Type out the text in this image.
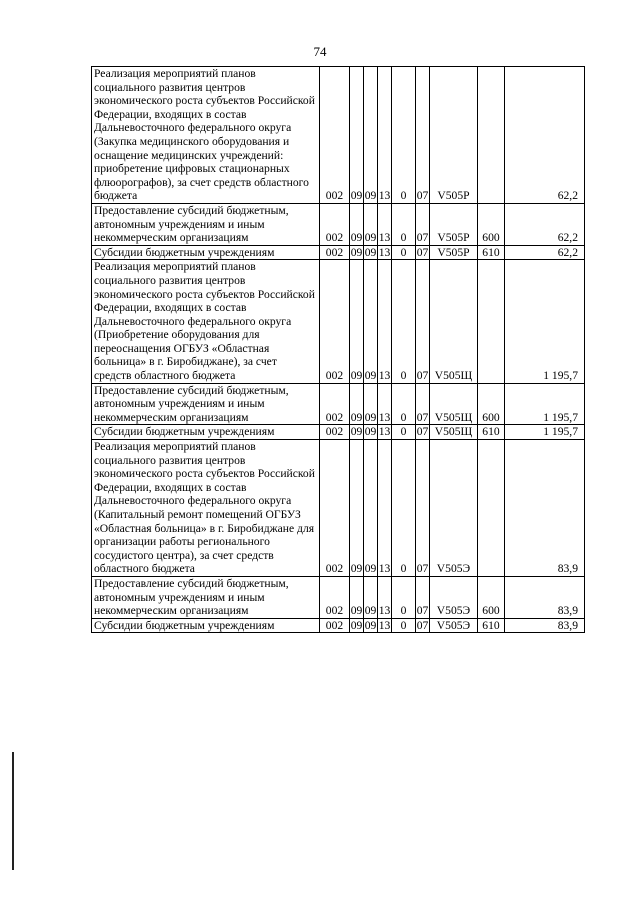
74
Реализация мероприятий планов социального развития центров экономического роста субъектов Российской Федерации, входящих в состав Дальневосточного федерального округа (Закупка медицинского оборудования и оснащение медицинских учреждений: приобретение цифровых стационарных флюорографов), за счет средств областного бюджета	002	09	09	13	0	07	V505P		62,2
Предоставление субсидий бюджетным, автономным учреждениям и иным некоммерческим организациям	002	09	09	13	0	07	V505P	600	62,2
Субсидии бюджетным учреждениям	002	09	09	13	0	07	V505P	610	62,2
Реализация мероприятий планов социального развития центров экономического роста субъектов Российской Федерации, входящих в состав Дальневосточного федерального округа (Приобретение оборудования для переоснащения ОГБУЗ «Областная больница» в г. Биробиджане), за счет средств областного бюджета	002	09	09	13	0	07	V505Щ		1 195,7
Предоставление субсидий бюджетным, автономным учреждениям и иным некоммерческим организациям	002	09	09	13	0	07	V505Щ	600	1 195,7
Субсидии бюджетным учреждениям	002	09	09	13	0	07	V505Щ	610	1 195,7
Реализация мероприятий планов социального развития центров экономического роста субъектов Российской Федерации, входящих в состав Дальневосточного федерального округа (Капитальный ремонт помещений ОГБУЗ «Областная больница» в г. Биробиджане для организации работы регионального сосудистого центра), за счет средств областного бюджета	002	09	09	13	0	07	V505Э		83,9
Предоставление субсидий бюджетным, автономным учреждениям и иным некоммерческим организациям	002	09	09	13	0	07	V505Э	600	83,9
Субсидии бюджетным учреждениям	002	09	09	13	0	07	V505Э	610	83,9
